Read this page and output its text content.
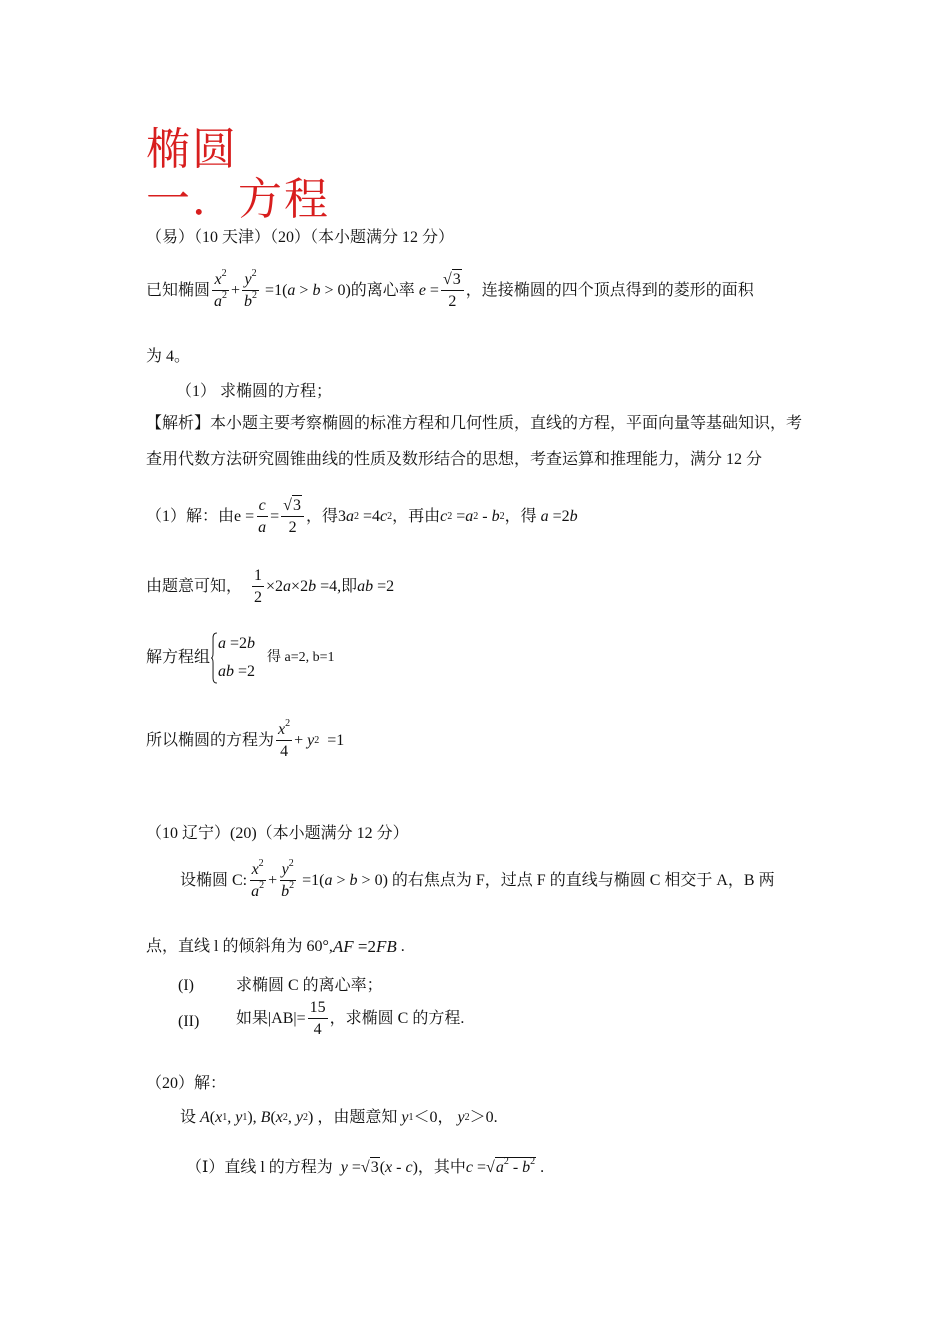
椭圆
一．方程
（易）（10 天津）（20）（本小题满分 12 分）
已知椭圆 $\frac{x^2}{a^2} + \frac{y^2}{b^2} =1$( a > b > 0) 的离心率 $e = \frac{√3}{2}$ ，连接椭圆的四个顶点得到的菱形的面积
为 4。
（1） 求椭圆的方程；
【解析】本小题主要考察椭圆的标准方程和几何性质，直线的方程，平面向量等基础知识，考
查用代数方法研究圆锥曲线的性质及数形结合的思想，考查运算和推理能力，满分 12 分
（1）解：由 $e = \frac{c}{a} = \frac{√3}{2}$ ，得 3 a 2 =4 c 2 ，再由 c 2 = a 2 - b 2 ，得 a =2 b
由题意可知， $\frac{1}{2} \times 2$ a ×2 b =4, 即 ab =2
解方程组
a =2b
ab =2
得 a=2, b=1
所以椭圆的方程为 $\frac{x^2}{4} + y$ 2 =1
（10 辽宁）(20)（本小题满分 12 分）
设椭圆 C: $\frac{x^2}{a^2} + \frac{y^2}{b^2} =1$( a > b > 0) 的右焦点为 F，过点 F 的直线与椭圆 C 相交于 A，B 两
点，直线 l 的倾斜角为 60°, AF =2 FB .
(I)	求椭圆 C 的离心率；
(II) 如果$|AB|= \frac{15}{4}$ ，求椭圆 C 的方程.
（20）解：
设 A ( x 1 , y 1 ), B ( x 2 , y 2 ) ，由题意知 y 1 ＜0， y 2 ＞0.
（Ⅰ）直线 l 的方程为 y =√3( x - c ) ，其中 $c =√a^2 - b^2$ .
